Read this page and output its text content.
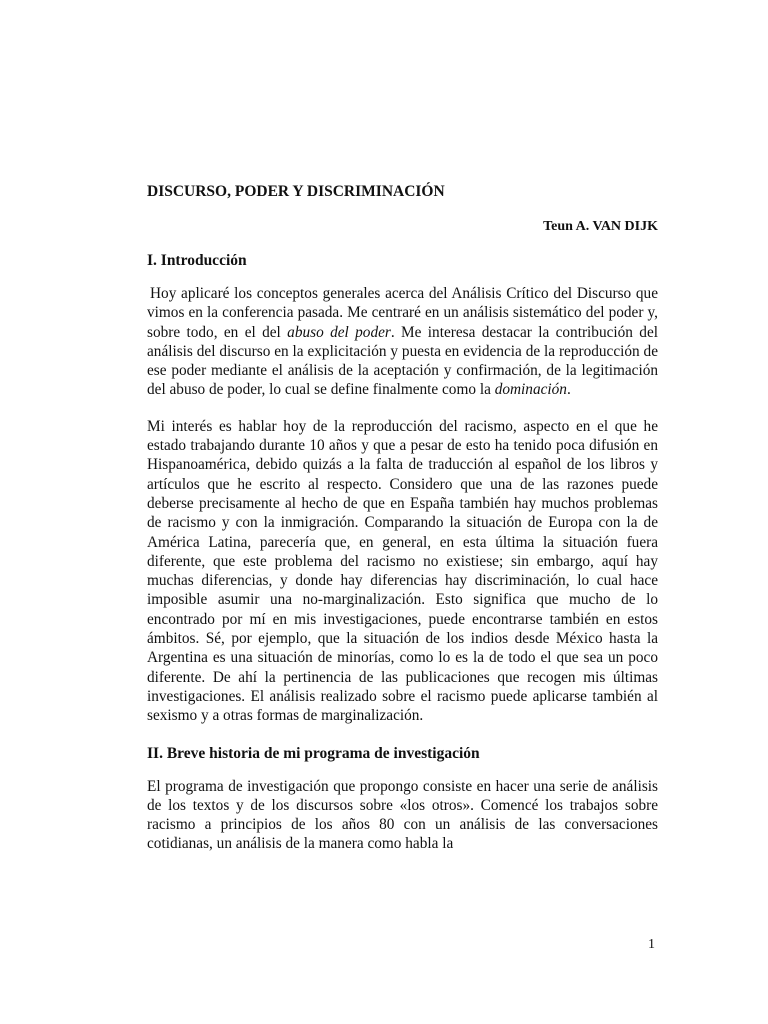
DISCURSO, PODER Y DISCRIMINACIÓN
Teun A. VAN DIJK
I. Introducción

Hoy aplicaré los conceptos generales acerca del Análisis Crítico del Discurso que vimos en la conferencia pasada. Me centraré en un análisis sistemático del poder y, sobre todo, en el del abuso del poder. Me interesa destacar la contribución del análisis del discurso en la explicitación y puesta en evidencia de la reproducción de ese poder mediante el análisis de la aceptación y confirmación, de la legitimación del abuso de poder, lo cual se define finalmente como la dominación.

Mi interés es hablar hoy de la reproducción del racismo, aspecto en el que he estado trabajando durante 10 años y que a pesar de esto ha tenido poca difusión en Hispanoamérica, debido quizás a la falta de traducción al español de los libros y artículos que he escrito al respecto. Considero que una de las razones puede deberse precisamente al hecho de que en España también hay muchos problemas de racismo y con la inmigración. Comparando la situación de Europa con la de América Latina, parecería que, en general, en esta última la situación fuera diferente, que este problema del racismo no existiese; sin embargo, aquí hay muchas diferencias, y donde hay diferencias hay discriminación, lo cual hace imposible asumir una no-marginalización. Esto significa que mucho de lo encontrado por mí en mis investigaciones, puede encontrarse también en estos ámbitos. Sé, por ejemplo, que la situación de los indios desde México hasta la Argentina es una situación de minorías, como lo es la de todo el que sea un poco diferente. De ahí la pertinencia de las publicaciones que recogen mis últimas investigaciones. El análisis realizado sobre el racismo puede aplicarse también al sexismo y a otras formas de marginalización.

II. Breve historia de mi programa de investigación

El programa de investigación que propongo consiste en hacer una serie de análisis de los textos y de los discursos sobre «los otros». Comencé los trabajos sobre racismo a principios de los años 80 con un análisis de las conversaciones cotidianas, un análisis de la manera como habla la

1
